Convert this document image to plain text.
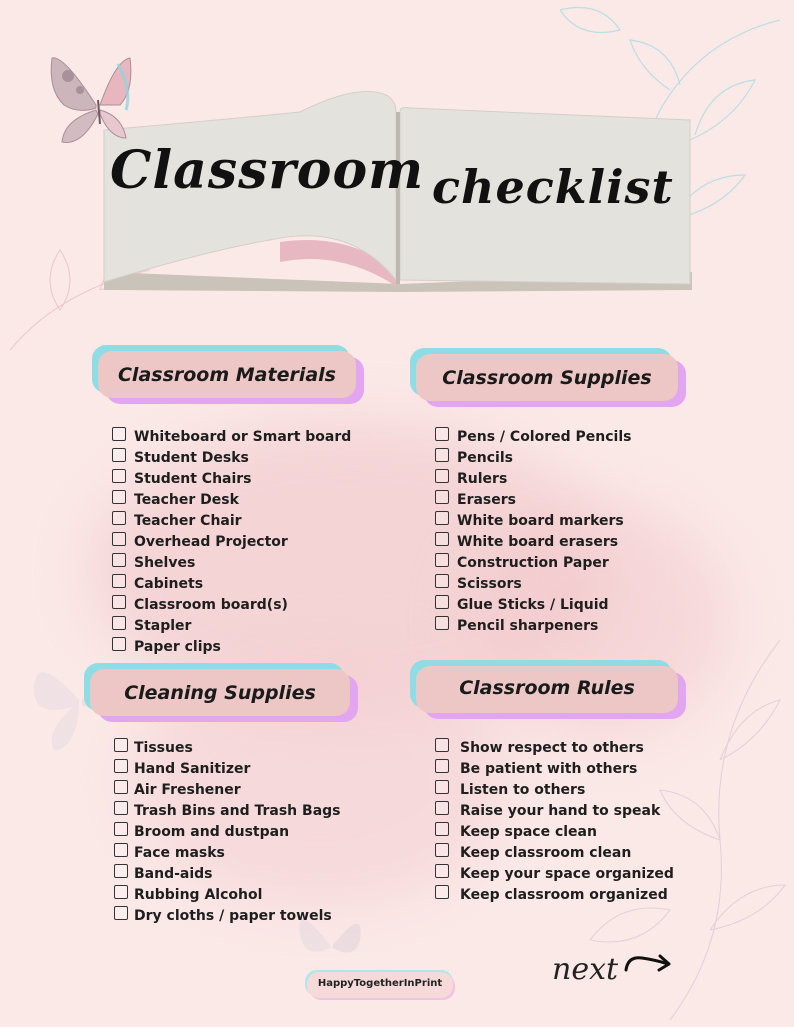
Classroom checklist
Classroom Materials	Classroom Supplies
Cleaning Supplies	Classroom Rules
Whiteboard or Smart board
Student Desks
Student Chairs
Teacher Desk
Teacher Chair
Overhead Projector
Shelves
Cabinets
Classroom board(s)
Stapler
Paper clips
Pens / Colored Pencils
Pencils
Rulers
Erasers
White board markers
White board erasers
Construction Paper
Scissors
Glue Sticks / Liquid
Pencil sharpeners
Tissues
Hand Sanitizer
Air Freshener
Trash Bins and Trash Bags
Broom and dustpan
Face masks
Band-aids
Rubbing Alcohol
Dry cloths / paper towels
Show respect to others
Be patient with others
Listen to others
Raise your hand to speak
Keep space clean
Keep classroom clean
Keep your space organized
Keep classroom organized
HappyTogetherInPrint	next
